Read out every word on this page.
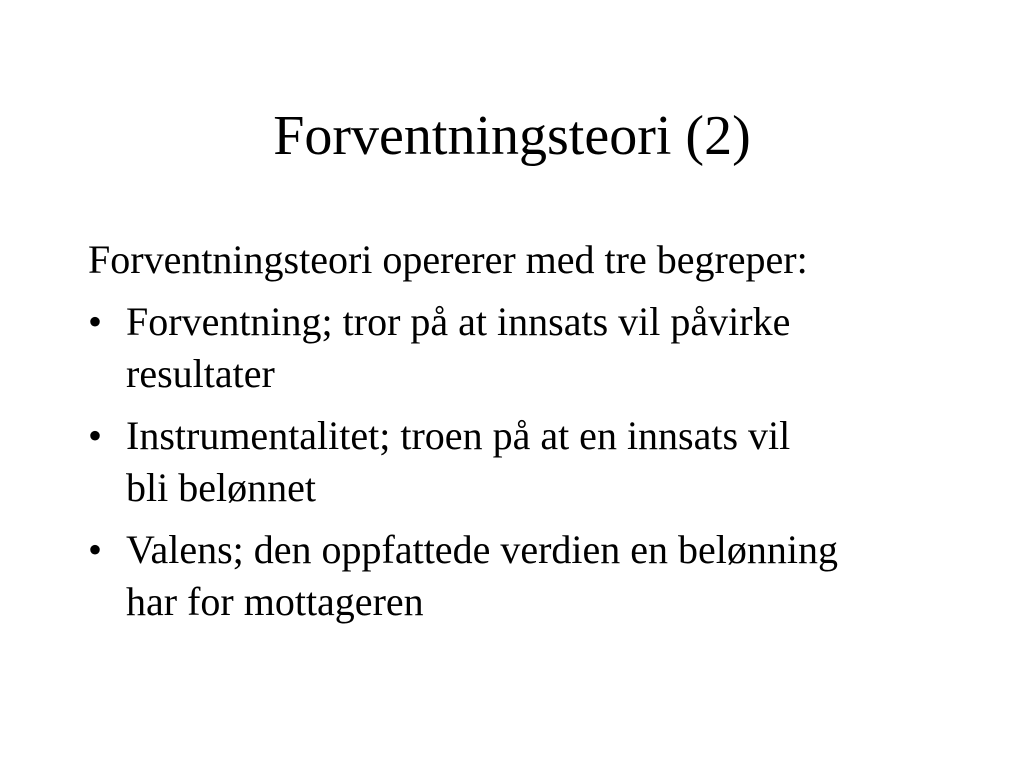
Forventningsteori (2)

Forventningsteori opererer med tre begreper:

• Forventning; tror på at innsats vil påvirke
resultater
• Instrumentalitet; troen på at en innsats vil
bli belønnet
• Valens; den oppfattede verdien en belønning
har for mottageren
